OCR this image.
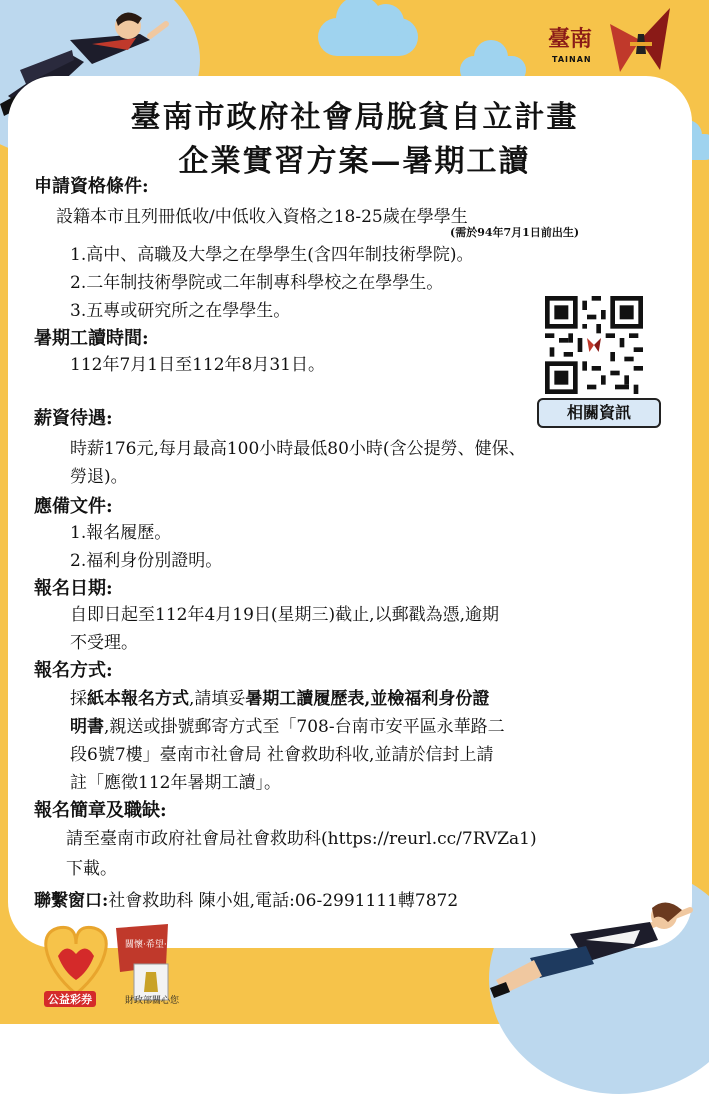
臺南
TAINAN
臺南市政府社會局脫貧自立計畫
企業實習方案—暑期工讀
申請資格條件:
設籍本市且列冊低收/中低收入資格之18-25歲在學學生
(需於94年7月1日前出生)
1.高中、高職及大學之在學學生(含四年制技術學院)。
2.二年制技術學院或二年制專科學校之在學學生。
3.五專或研究所之在學學生。
暑期工讀時間:
112年7月1日至112年8月31日。
薪資待遇:
時薪176元,每月最高100小時最低80小時(含公提勞、健保、
勞退)。
應備文件:
1.報名履歷。
2.福利身份別證明。
報名日期:
自即日起至112年4月19日(星期三)截止,以郵戳為憑,逾期
不受理。
報名方式:
採紙本報名方式,請填妥暑期工讀履歷表,並檢福利身份證
明書,親送或掛號郵寄方式至「708-台南市安平區永華路二
段6號7樓」臺南市社會局 社會救助科收,並請於信封上請
註「應徵112年暑期工讀」。
報名簡章及職缺:
請至臺南市政府社會局社會救助科(https://reurl.cc/7RVZa1)
下載。
聯繫窗口:社會救助科 陳小姐,電話:06-2991111轉7872
相關資訊
關懷·希望·愛
公益彩券	財政部關心您
